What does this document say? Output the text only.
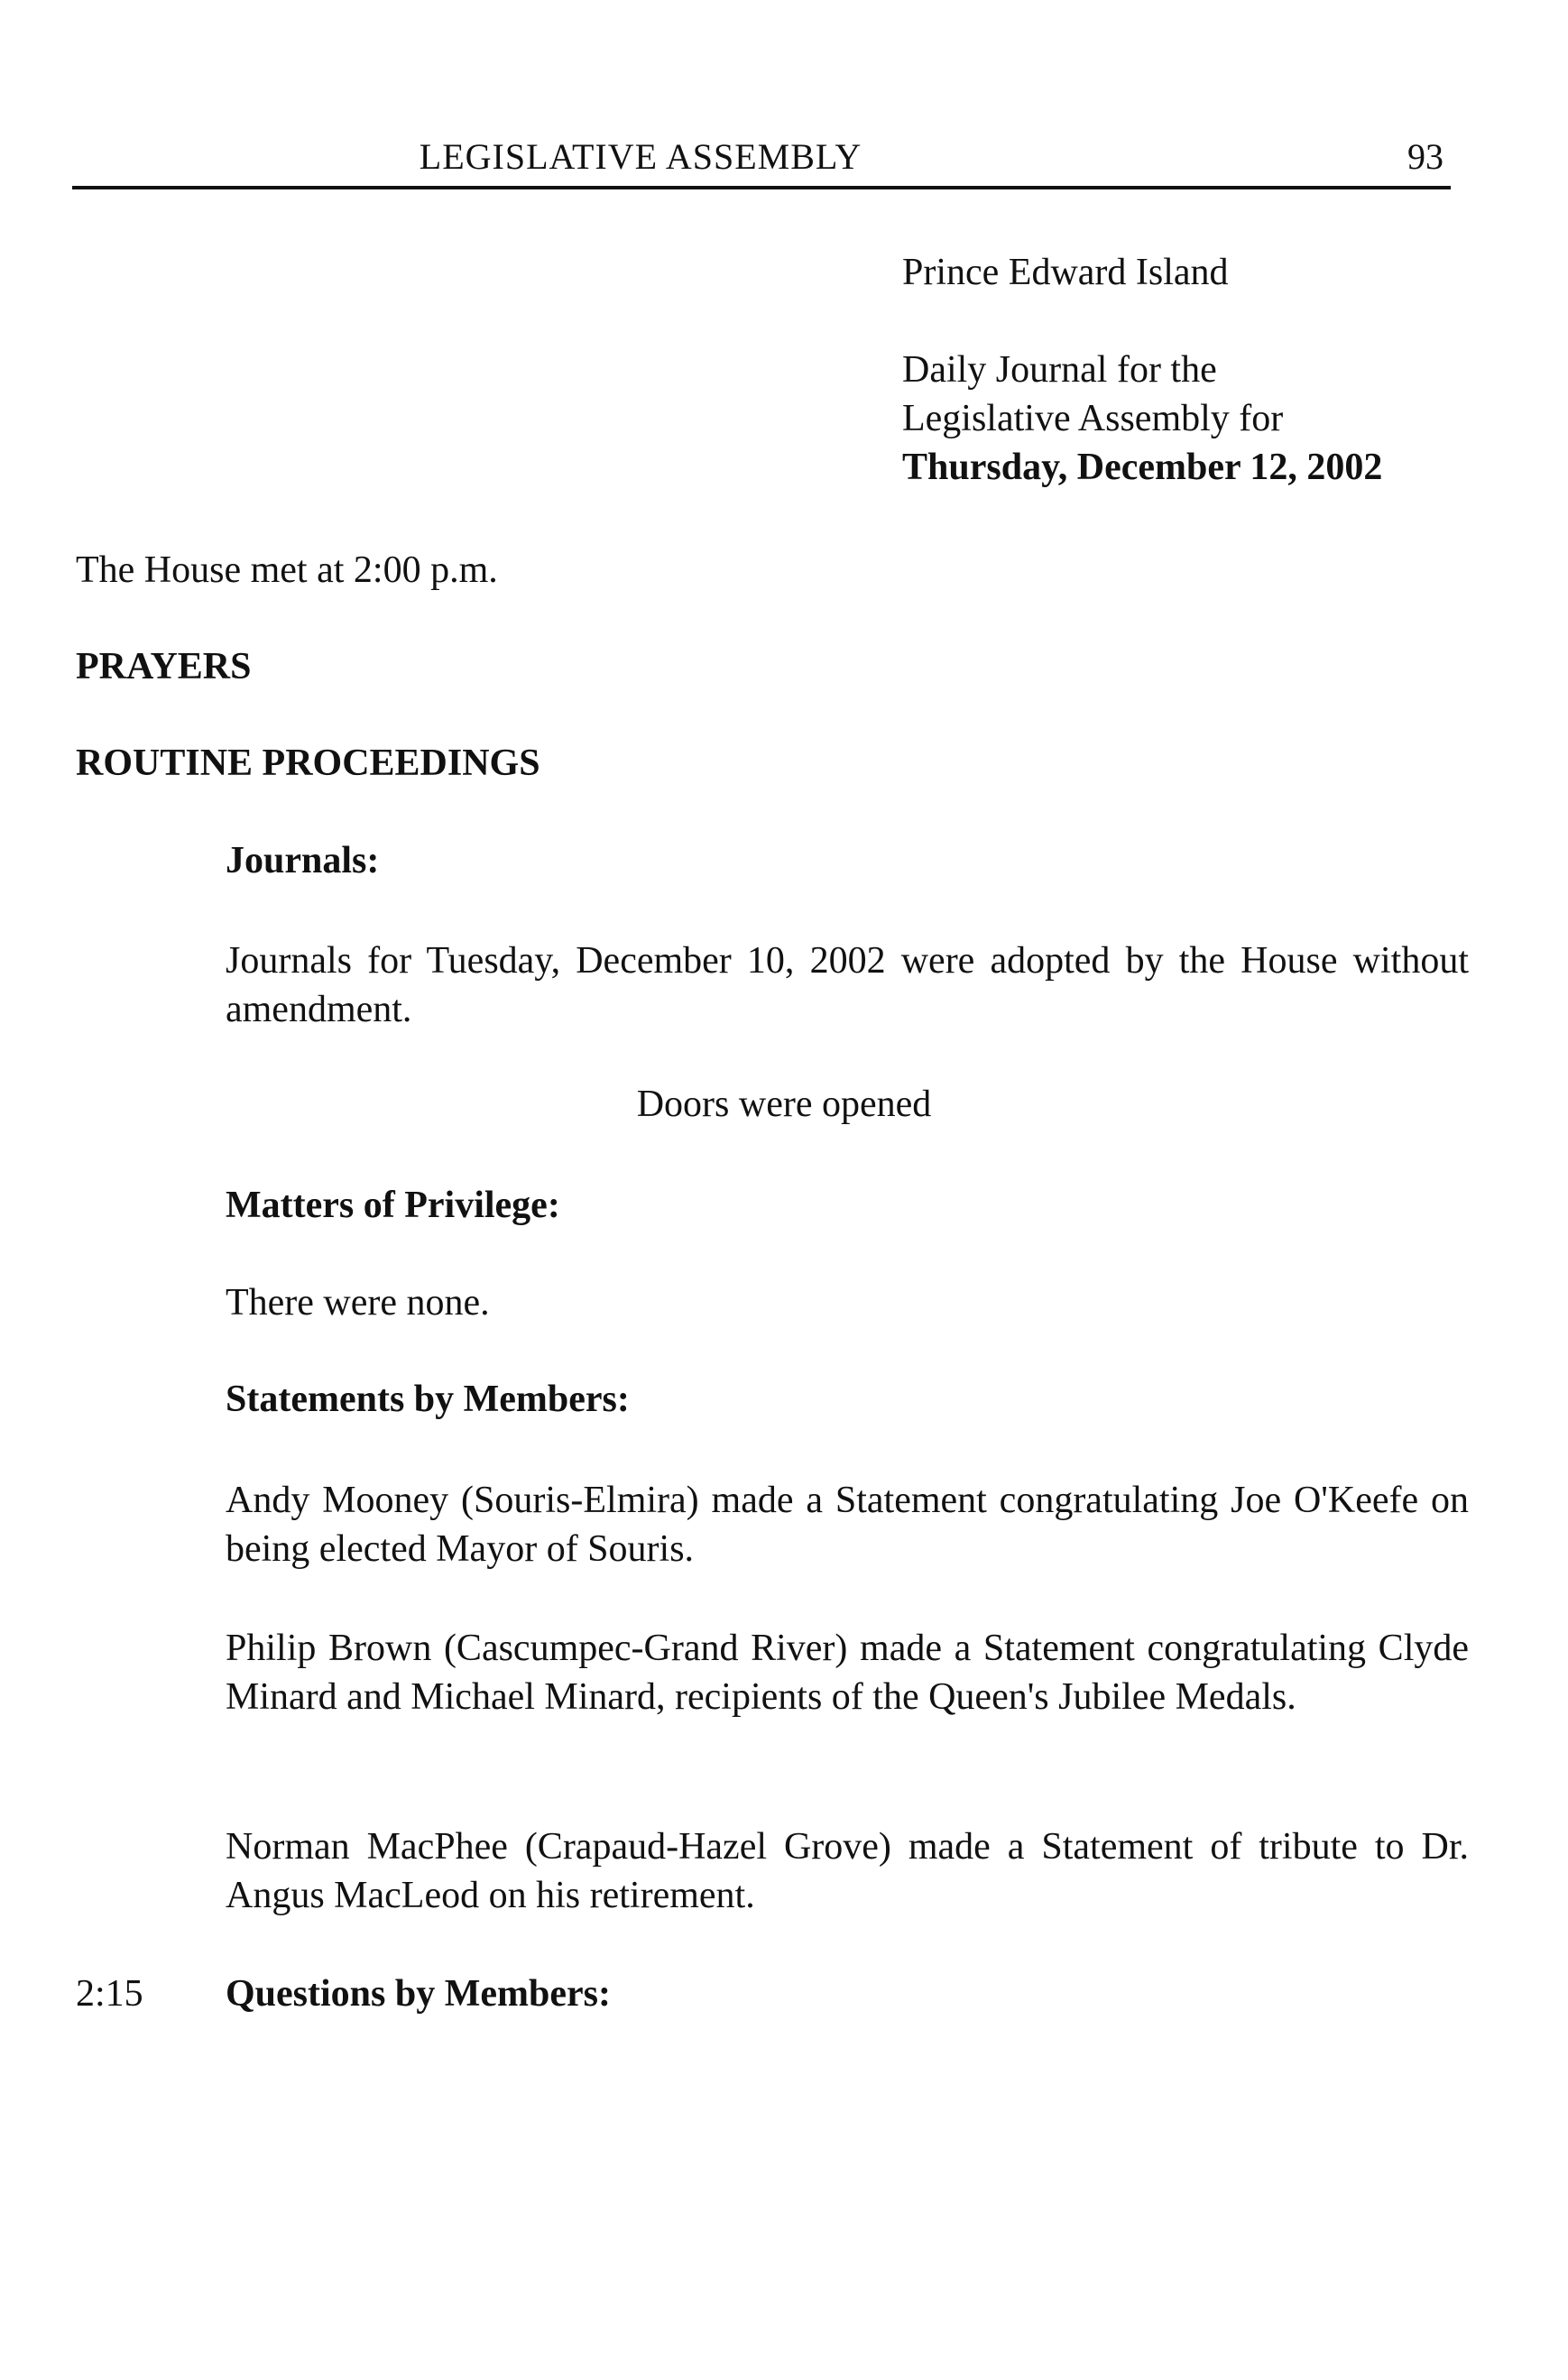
LEGISLATIVE ASSEMBLY	93
Prince Edward Island
Daily Journal for the
Legislative Assembly for
Thursday, December 12, 2002
The House met at 2:00 p.m.
PRAYERS
ROUTINE PROCEEDINGS
Journals:
Journals for Tuesday, December 10, 2002 were adopted by the House without amendment.
Doors were opened
Matters of Privilege:
There were none.
Statements by Members:
Andy Mooney (Souris-Elmira) made a Statement congratulating Joe O'Keefe on being elected Mayor of Souris.
Philip Brown (Cascumpec-Grand River) made a Statement congratulating Clyde Minard and Michael Minard, recipients of the Queen's Jubilee Medals.
Norman MacPhee (Crapaud-Hazel Grove) made a Statement of tribute to Dr. Angus MacLeod on his retirement.
2:15 Questions by Members:
